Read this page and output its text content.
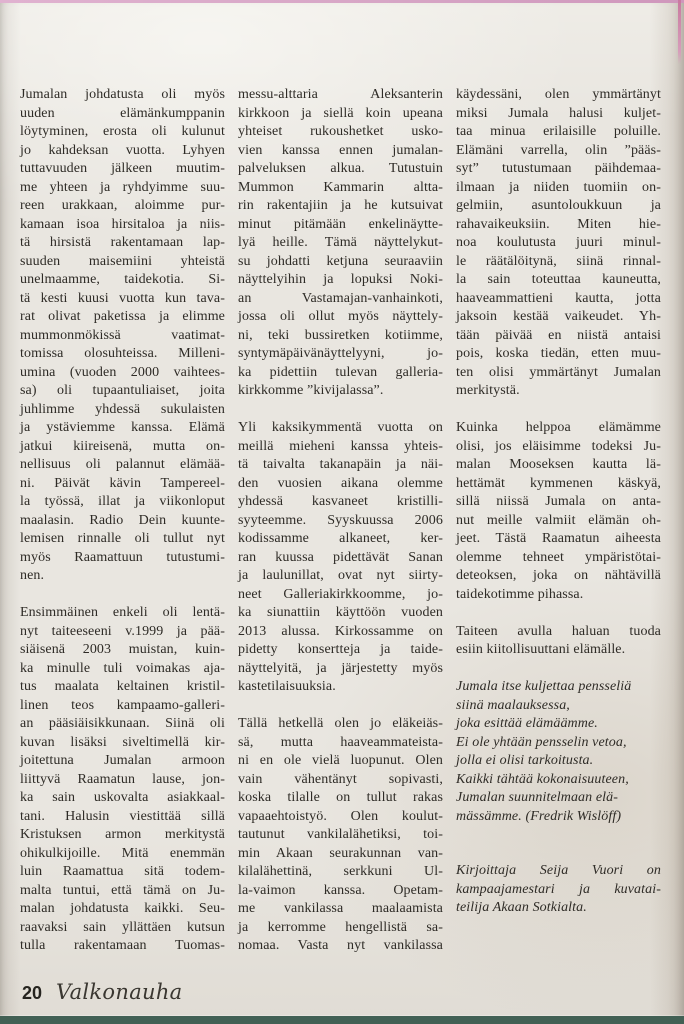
Jumalan johdatusta oli myös
uuden elämänkumppanin
löytyminen, erosta oli kulunut
jo kahdeksan vuotta. Lyhyen
tuttavuuden jälkeen muutim-
me yhteen ja ryhdyimme suu-
reen urakkaan, aloimme pur-
kamaan isoa hirsitaloa ja niis-
tä hirsistä rakentamaan lap-
suuden maisemiini yhteistä
unelmaamme, taidekotia. Si-
tä kesti kuusi vuotta kun tava-
rat olivat paketissa ja elimme
mummonmökissä vaatimat-
tomissa olosuhteissa. Milleni-
umina (vuoden 2000 vaihtees-
sa) oli tupaantuliaiset, joita
juhlimme yhdessä sukulaisten
ja ystäviemme kanssa. Elämä
jatkui kiireisenä, mutta on-
nellisuus oli palannut elämää-
ni. Päivät kävin Tampereel-
la työssä, illat ja viikonloput
maalasin. Radio Dein kuunte-
lemisen rinnalle oli tullut nyt
myös Raamattuun tutustumi-
nen.
Ensimmäinen enkeli oli lentä-
nyt taiteeseeni v.1999 ja pää-
siäisenä 2003 muistan, kuin-
ka minulle tuli voimakas aja-
tus maalata keltainen kristil-
linen teos kampaamo-galleri-
an pääsiäisikkunaan. Siinä oli
kuvan lisäksi siveltimellä kir-
joitettuna Jumalan armoon
liittyvä Raamatun lause, jon-
ka sain uskovalta asiakkaal-
tani. Halusin viestittää sillä
Kristuksen armon merkitystä
ohikulkijoille. Mitä enemmän
luin Raamattua sitä todem-
malta tuntui, että tämä on Ju-
malan johdatusta kaikki. Seu-
raavaksi sain yllättäen kutsun
tulla rakentamaan Tuomas-
messu-alttaria Aleksanterin
kirkkoon ja siellä koin upeana
yhteiset rukoushetket usko-
vien kanssa ennen jumalan-
palveluksen alkua. Tutustuin
Mummon Kammarin altta-
rin rakentajiin ja he kutsuivat
minut pitämään enkelinäytte-
lyä heille. Tämä näyttelykut-
su johdatti ketjuna seuraaviin
näyttelyihin ja lopuksi Noki-
an Vastamajan-vanhainkoti,
jossa oli ollut myös näyttely-
ni, teki bussiretken kotiimme,
syntymäpäivänäyttelyyni, jo-
ka pidettiin tulevan galleria-
kirkkomme ”kivijalassa”.
Yli kaksikymmentä vuotta on
meillä mieheni kanssa yhteis-
tä taivalta takanapäin ja näi-
den vuosien aikana olemme
yhdessä kasvaneet kristilli-
syyteemme. Syyskuussa 2006
kodissamme alkaneet, ker-
ran kuussa pidettävät Sanan
ja laulunillat, ovat nyt siirty-
neet Galleriakirkkoomme, jo-
ka siunattiin käyttöön vuoden
2013 alussa. Kirkossamme on
pidetty konsertteja ja taide-
näyttelyitä, ja järjestetty myös
kastetilaisuuksia.
Tällä hetkellä olen jo eläkeiäs-
sä, mutta haaveammateista-
ni en ole vielä luopunut. Olen
vain vähentänyt sopivasti,
koska tilalle on tullut rakas
vapaaehtoistyö. Olen koulut-
tautunut vankilalähetiksi, toi-
min Akaan seurakunnan van-
kilalähettinä, serkkuni Ul-
la-vaimon kanssa. Opetam-
me vankilassa maalaamista
ja kerromme hengellistä sa-
nomaa. Vasta nyt vankilassa
käydessäni, olen ymmärtänyt
miksi Jumala halusi kuljet-
taa minua erilaisille poluille.
Elämäni varrella, olin ”pääs-
syt” tutustumaan päihdemaa-
ilmaan ja niiden tuomiin on-
gelmiin, asuntoloukkuun ja
rahavaikeuksiin. Miten hie-
noa koulutusta juuri minul-
le räätälöitynä, siinä rinnal-
la sain toteuttaa kauneutta,
haaveammattieni kautta, jotta
jaksoin kestää vaikeudet. Yh-
tään päivää en niistä antaisi
pois, koska tiedän, etten muu-
ten olisi ymmärtänyt Jumalan
merkitystä.
Kuinka helppoa elämämme
olisi, jos eläisimme todeksi Ju-
malan Mooseksen kautta lä-
hettämät kymmenen käskyä,
sillä niissä Jumala on anta-
nut meille valmiit elämän oh-
jeet. Tästä Raamatun aiheesta
olemme tehneet ympäristötai-
deteoksen, joka on nähtävillä
taidekotimme pihassa.
Taiteen avulla haluan tuoda
esiin kiitollisuuttani elämälle.
Jumala itse kuljettaa pensseliä
siinä maalauksessa,
joka esittää elämäämme.
Ei ole yhtään pensselin vetoa,
jolla ei olisi tarkoitusta.
Kaikki tähtää kokonaisuuteen,
Jumalan suunnitelmaan elä-
mässämme. (Fredrik Wislöff)
Kirjoittaja Seija Vuori on
kampaajamestari ja kuvatai-
teilija Akaan Sotkialta.
20 Valkonauha
